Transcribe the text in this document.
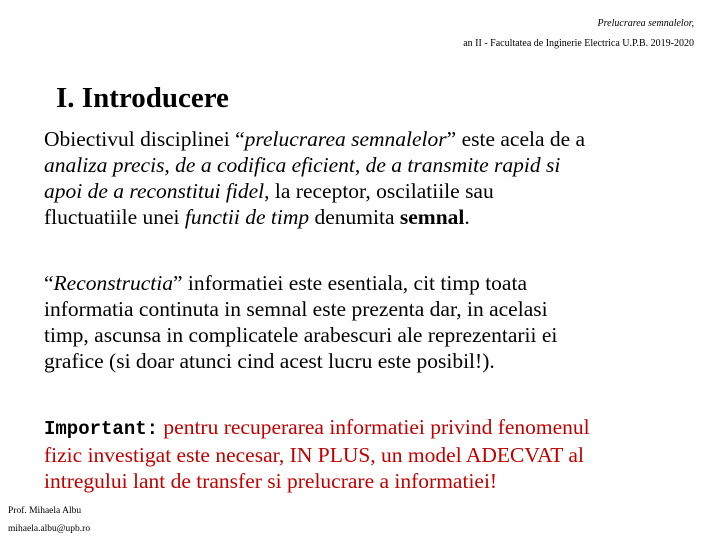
Prelucrarea semnalelor,
an II - Facultatea de Inginerie Electrica U.P.B. 2019-2020
I. Introducere
Obiectivul disciplinei “prelucrarea semnalelor” este acela de a
analiza precis, de a codifica eficient, de a transmite rapid si
apoi de a reconstitui fidel, la receptor, oscilatiile sau
fluctuatiile unei functii de timp denumita semnal.
“Reconstructia” informatiei este esentiala, cit timp toata
informatia continuta in semnal este prezenta dar, in acelasi
timp, ascunsa in complicatele arabescuri ale reprezentarii ei
grafice (si doar atunci cind acest lucru este posibil!).
Important: pentru recuperarea informatiei privind fenomenul
fizic investigat este necesar, IN PLUS, un model ADECVAT al
intregului lant de transfer si prelucrare a informatiei!
Prof. Mihaela Albu
mihaela.albu@upb.ro
